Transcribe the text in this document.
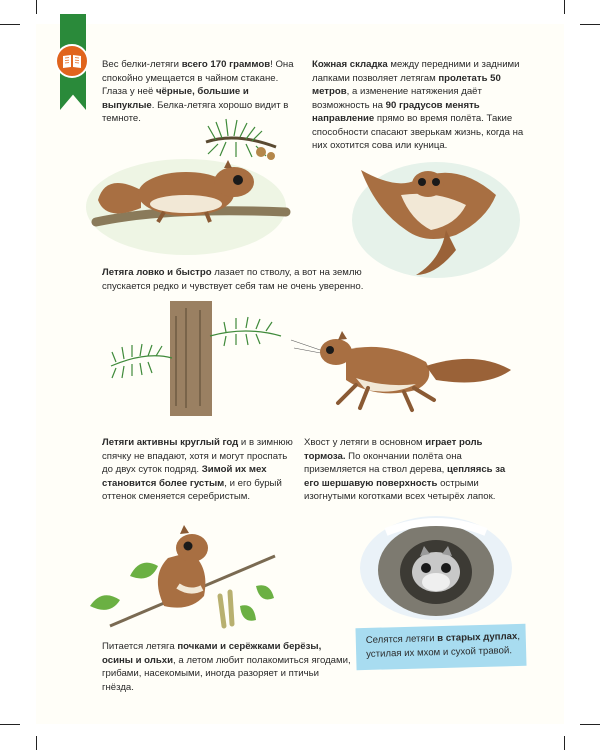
Вес белки-летяги всего 170 граммов! Она спокойно умещается в чайном стакане. Глаза у неё чёрные, большие и выпуклые. Белка-летяга хорошо видит в темноте.

Кожная складка между передними и задними лапками позволяет летягам пролетать 50 метров, а изменение натяжения даёт возможность на 90 градусов менять направление прямо во время полёта. Такие способности спасают зверькам жизнь, когда на них охотится сова или куница.

Летяга ловко и быстро лазает по стволу, а вот на землю спускается редко и чувствует себя там не очень уверенно.

Летяги активны круглый год и в зимнюю спячку не впадают, хотя и могут проспать до двух суток подряд. Зимой их мех становится более густым, и его бурый оттенок сменяется серебристым.

Хвост у летяги в основном играет роль тормоза. По окончании полёта она приземляется на ствол дерева, цепляясь за его шершавую поверхность острыми изогнутыми коготками всех четырёх лапок.

Питается летяга почками и серёжками берёзы, осины и ольхи, а летом любит полакомиться ягодами, грибами, насекомыми, иногда разоряет и птичьи гнёзда.

Селятся летяги в старых дуплах, устилая их мхом и сухой травой.
